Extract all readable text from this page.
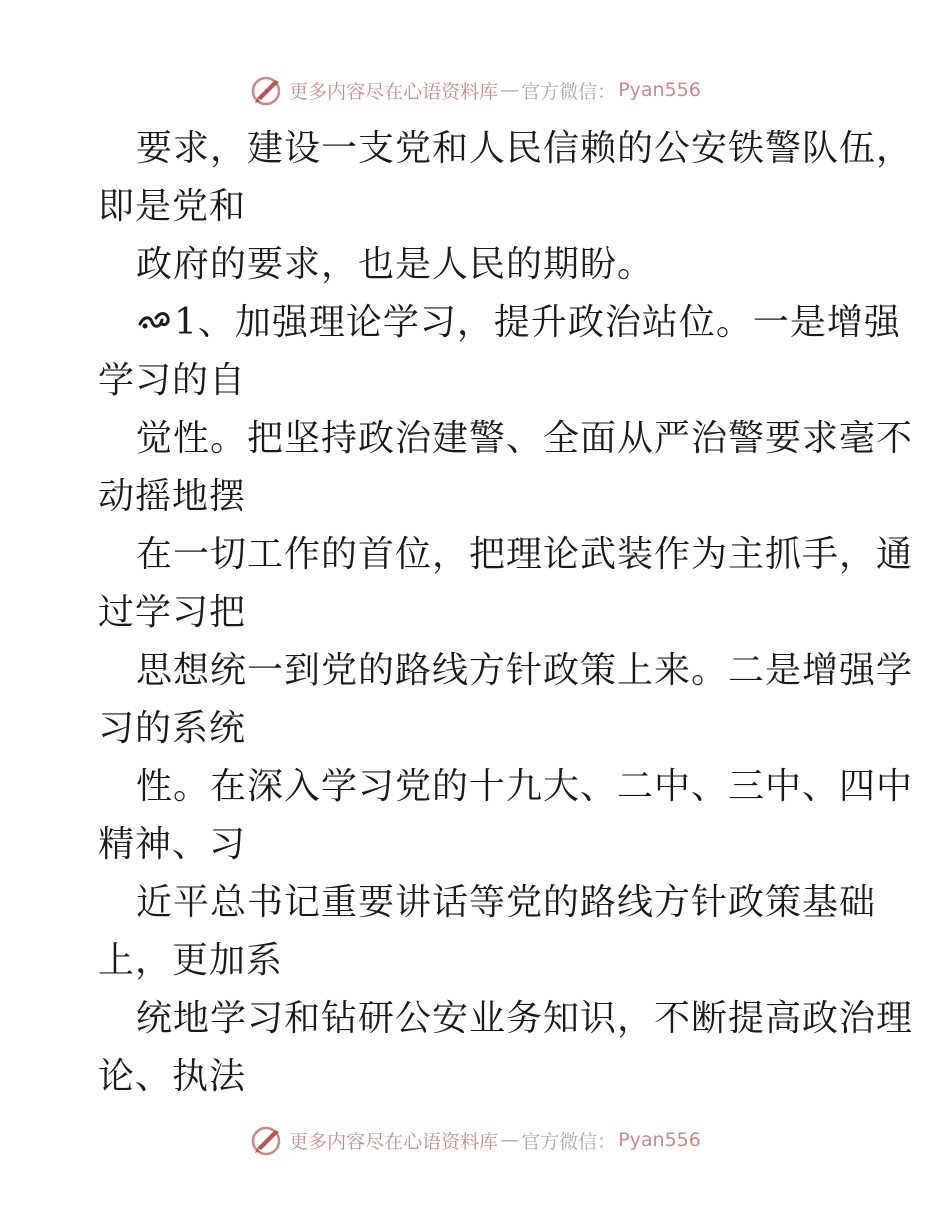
更多内容尽在心语资料库 — 官方微信： Pyan556

要求，建设一支党和人民信赖的公安铁警队伍，
即是党和

政府的要求，也是人民的期盼。

1、加强理论学习，提升政治站位。一是增强
学习的自

觉性。把坚持政治建警、全面从严治警要求毫不
动摇地摆

在一切工作的首位，把理论武装作为主抓手，通
过学习把

思想统一到党的路线方针政策上来。二是增强学
习的系统

性。在深入学习党的十九大、二中、三中、四中
精神、习

近平总书记重要讲话等党的路线方针政策基础
上，更加系

统地学习和钻研公安业务知识，不断提高政治理
论、执法

更多内容尽在心语资料库 — 官方微信： Pyan556
